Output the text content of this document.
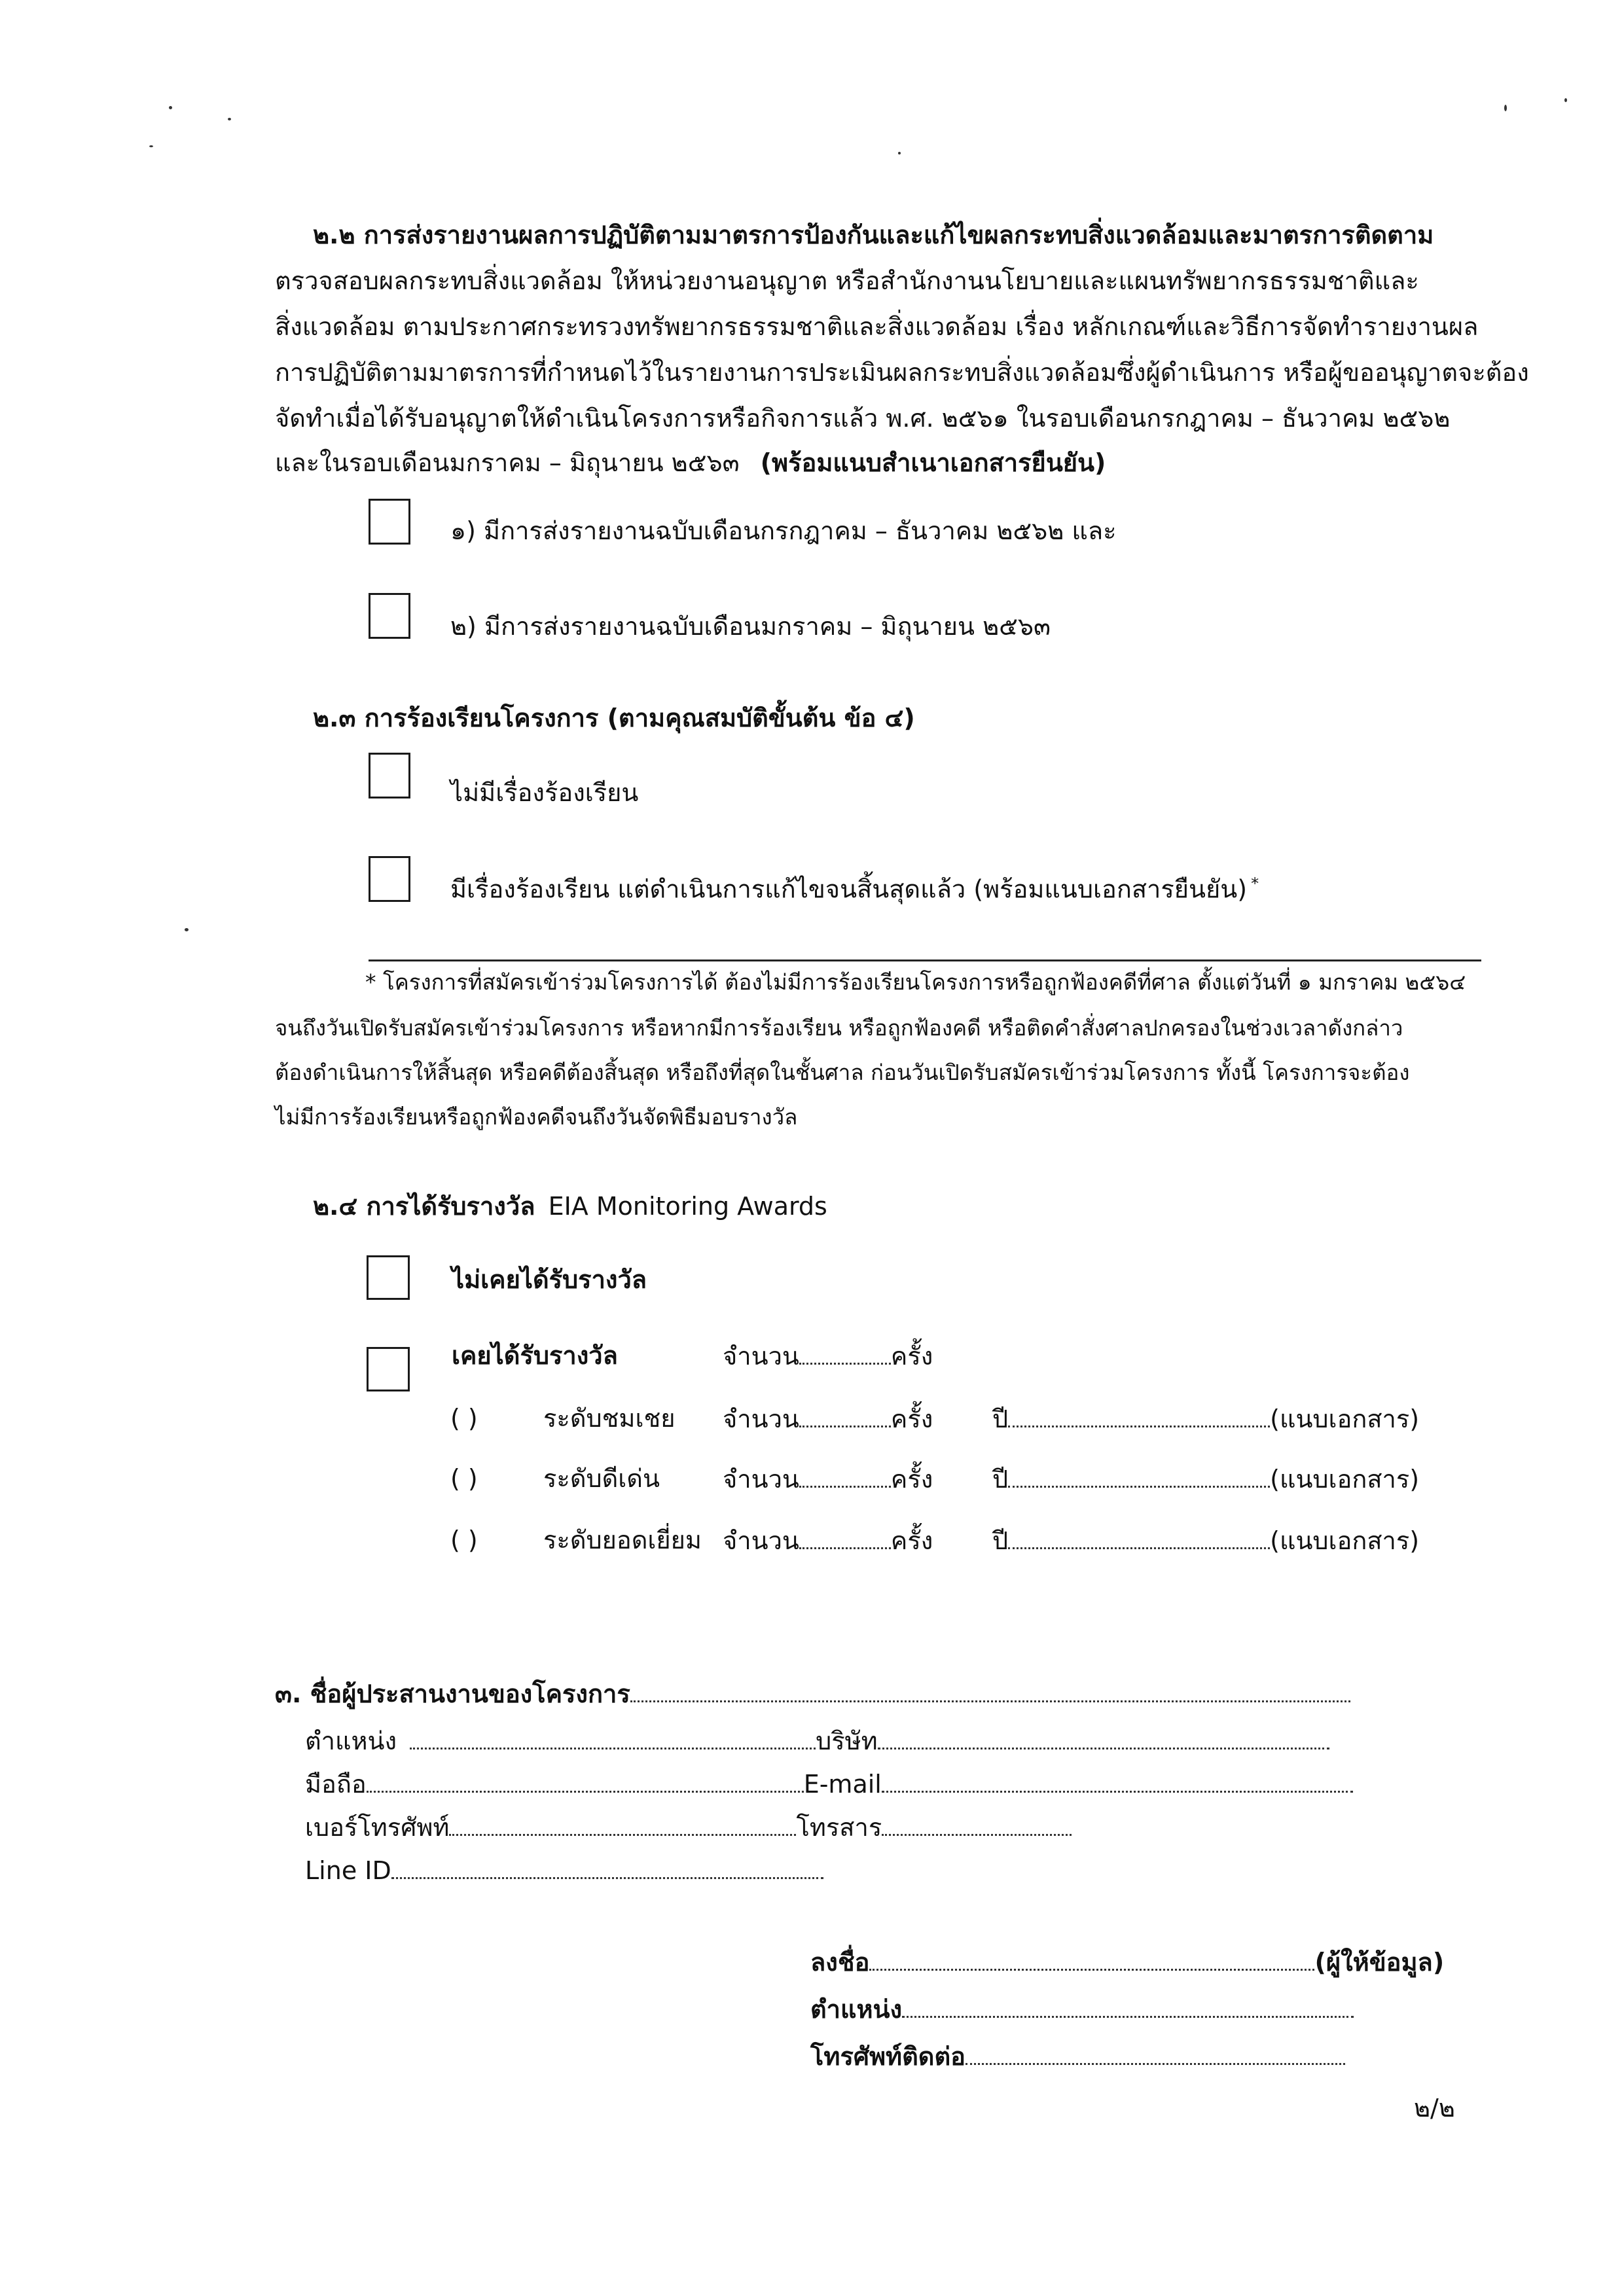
๒.๒ การส่งรายงานผลการปฏิบัติตามมาตรการป้องกันและแก้ไขผลกระทบสิ่งแวดล้อมและมาตรการติดตาม
ตรวจสอบผลกระทบสิ่งแวดล้อม ให้หน่วยงานอนุญาต หรือสำนักงานนโยบายและแผนทรัพยากรธรรมชาติและ
สิ่งแวดล้อม ตามประกาศกระทรวงทรัพยากรธรรมชาติและสิ่งแวดล้อม เรื่อง หลักเกณฑ์และวิธีการจัดทำรายงานผล
การปฏิบัติตามมาตรการที่กำหนดไว้ในรายงานการประเมินผลกระทบสิ่งแวดล้อมซึ่งผู้ดำเนินการ หรือผู้ขออนุญาตจะต้อง
จัดทำเมื่อได้รับอนุญาตให้ดำเนินโครงการหรือกิจการแล้ว พ.ศ. ๒๕๖๑ ในรอบเดือนกรกฎาคม – ธันวาคม ๒๕๖๒
และในรอบเดือนมกราคม – มิถุนายน ๒๕๖๓ (พร้อมแนบสำเนาเอกสารยืนยัน)
๑) มีการส่งรายงานฉบับเดือนกรกฎาคม – ธันวาคม ๒๕๖๒ และ
๒) มีการส่งรายงานฉบับเดือนมกราคม – มิถุนายน ๒๕๖๓
๒.๓ การร้องเรียนโครงการ (ตามคุณสมบัติขั้นต้น ข้อ ๔)
ไม่มีเรื่องร้องเรียน
มีเรื่องร้องเรียน แต่ดำเนินการแก้ไขจนสิ้นสุดแล้ว (พร้อมแนบเอกสารยืนยัน) *
* โครงการที่สมัครเข้าร่วมโครงการได้ ต้องไม่มีการร้องเรียนโครงการหรือถูกฟ้องคดีที่ศาล ตั้งแต่วันที่ ๑ มกราคม ๒๕๖๔
จนถึงวันเปิดรับสมัครเข้าร่วมโครงการ หรือหากมีการร้องเรียน หรือถูกฟ้องคดี หรือติดคำสั่งศาลปกครองในช่วงเวลาดังกล่าว
ต้องดำเนินการให้สิ้นสุด หรือคดีต้องสิ้นสุด หรือถึงที่สุดในชั้นศาล ก่อนวันเปิดรับสมัครเข้าร่วมโครงการ ทั้งนี้ โครงการจะต้อง
ไม่มีการร้องเรียนหรือถูกฟ้องคดีจนถึงวันจัดพิธีมอบรางวัล
๒.๔ การได้รับรางวัล EIA Monitoring Awards
ไม่เคยได้รับรางวัล
เคยได้รับรางวัล	จำนวน	ครั้ง
( )	ระดับชมเชย จำนวน	ครั้ง ปี	(แนบเอกสาร)
( )	ระดับดีเด่น	จำนวน	ครั้ง ปี	(แนบเอกสาร)
( )	ระดับยอดเยี่ยม จำนวน	ครั้ง ปี	(แนบเอกสาร)
๓. ชื่อผู้ประสานงานของโครงการ
ตำแหน่ง	บริษัท
มือถือ	E-mail
เบอร์โทรศัพท์	โทรสาร
Line ID
ลงชื่อ	(ผู้ให้ข้อมูล)
ตำแหน่ง
โทรศัพท์ติดต่อ
๒/๒
